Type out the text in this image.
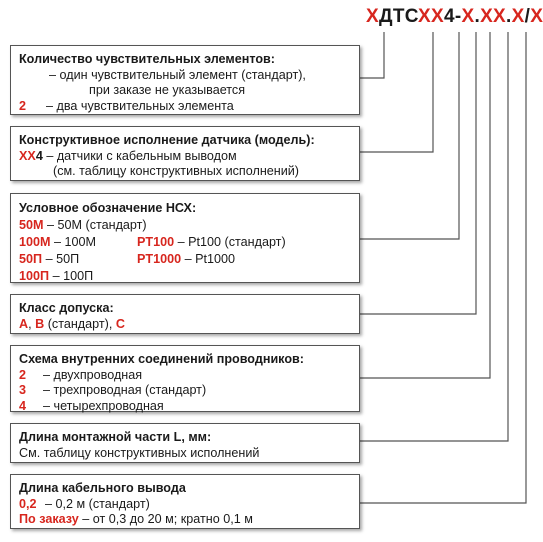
ХДТСХХ4-Х.ХХ.Х/Х
Количество чувствительных элементов:
– один чувствительный элемент (стандарт),
при заказе не указывается
2 – два чувствительных элемента
Конструктивное исполнение датчика (модель):
ХХ4 – датчики с кабельным выводом
(см. таблицу конструктивных исполнений)
Условное обозначение НСХ:
50М – 50М (стандарт)
100М – 100М	PT100 – Pt100 (стандарт)
50П – 50П	PT1000 – Pt1000
100П – 100П
Класс допуска:
A, B (стандарт), C
Схема внутренних соединений проводников:
2 – двухпроводная
3 – трехпроводная (стандарт)
4 – четырехпроводная
Длина монтажной части L, мм:
См. таблицу конструктивных исполнений
Длина кабельного вывода
0,2 – 0,2 м (стандарт)
По заказу – от 0,3 до 20 м; кратно 0,1 м
